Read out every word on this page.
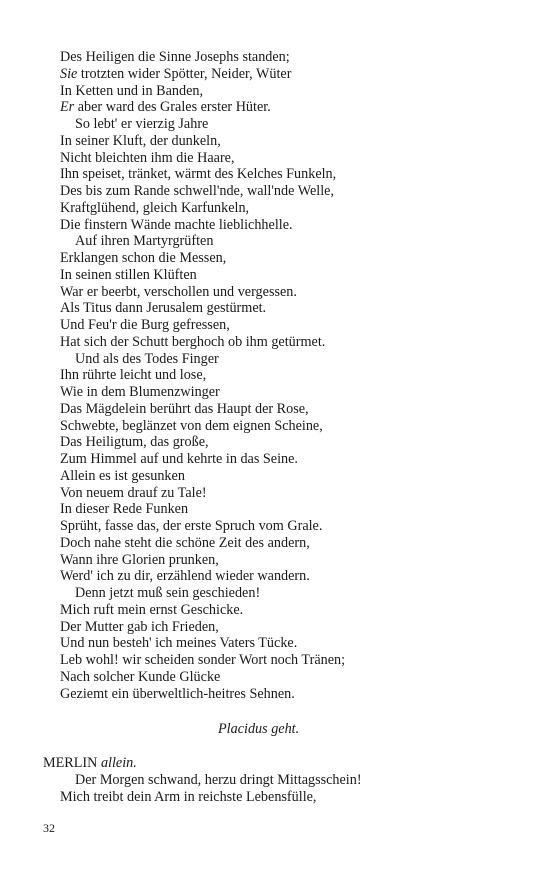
Des Heiligen die Sinne Josephs standen;
Sie trotzten wider Spötter, Neider, Wüter
In Ketten und in Banden,
Er aber ward des Grales erster Hüter.
So lebt' er vierzig Jahre
In seiner Kluft, der dunkeln,
Nicht bleichten ihm die Haare,
Ihn speiset, tränket, wärmt des Kelches Funkeln,
Des bis zum Rande schwell'nde, wall'nde Welle,
Kraftglühend, gleich Karfunkeln,
Die finstern Wände machte lieblichhelle.
Auf ihren Martyrgrüften
Erklangen schon die Messen,
In seinen stillen Klüften
War er beerbt, verschollen und vergessen.
Als Titus dann Jerusalem gestürmet.
Und Feu'r die Burg gefressen,
Hat sich der Schutt berghoch ob ihm getürmet.
Und als des Todes Finger
Ihn rührte leicht und lose,
Wie in dem Blumenzwinger
Das Mägdelein berührt das Haupt der Rose,
Schwebte, beglänzet von dem eignen Scheine,
Das Heiligtum, das große,
Zum Himmel auf und kehrte in das Seine.
Allein es ist gesunken
Von neuem drauf zu Tale!
In dieser Rede Funken
Sprüht, fasse das, der erste Spruch vom Grale.
Doch nahe steht die schöne Zeit des andern,
Wann ihre Glorien prunken,
Werd' ich zu dir, erzählend wieder wandern.
Denn jetzt muß sein geschieden!
Mich ruft mein ernst Geschicke.
Der Mutter gab ich Frieden,
Und nun besteh' ich meines Vaters Tücke.
Leb wohl! wir scheiden sonder Wort noch Tränen;
Nach solcher Kunde Glücke
Geziemt ein überweltlich-heitres Sehnen.
Placidus geht.
MERLIN allein.
Der Morgen schwand, herzu dringt Mittagsschein!
Mich treibt dein Arm in reichste Lebensfülle,
32
